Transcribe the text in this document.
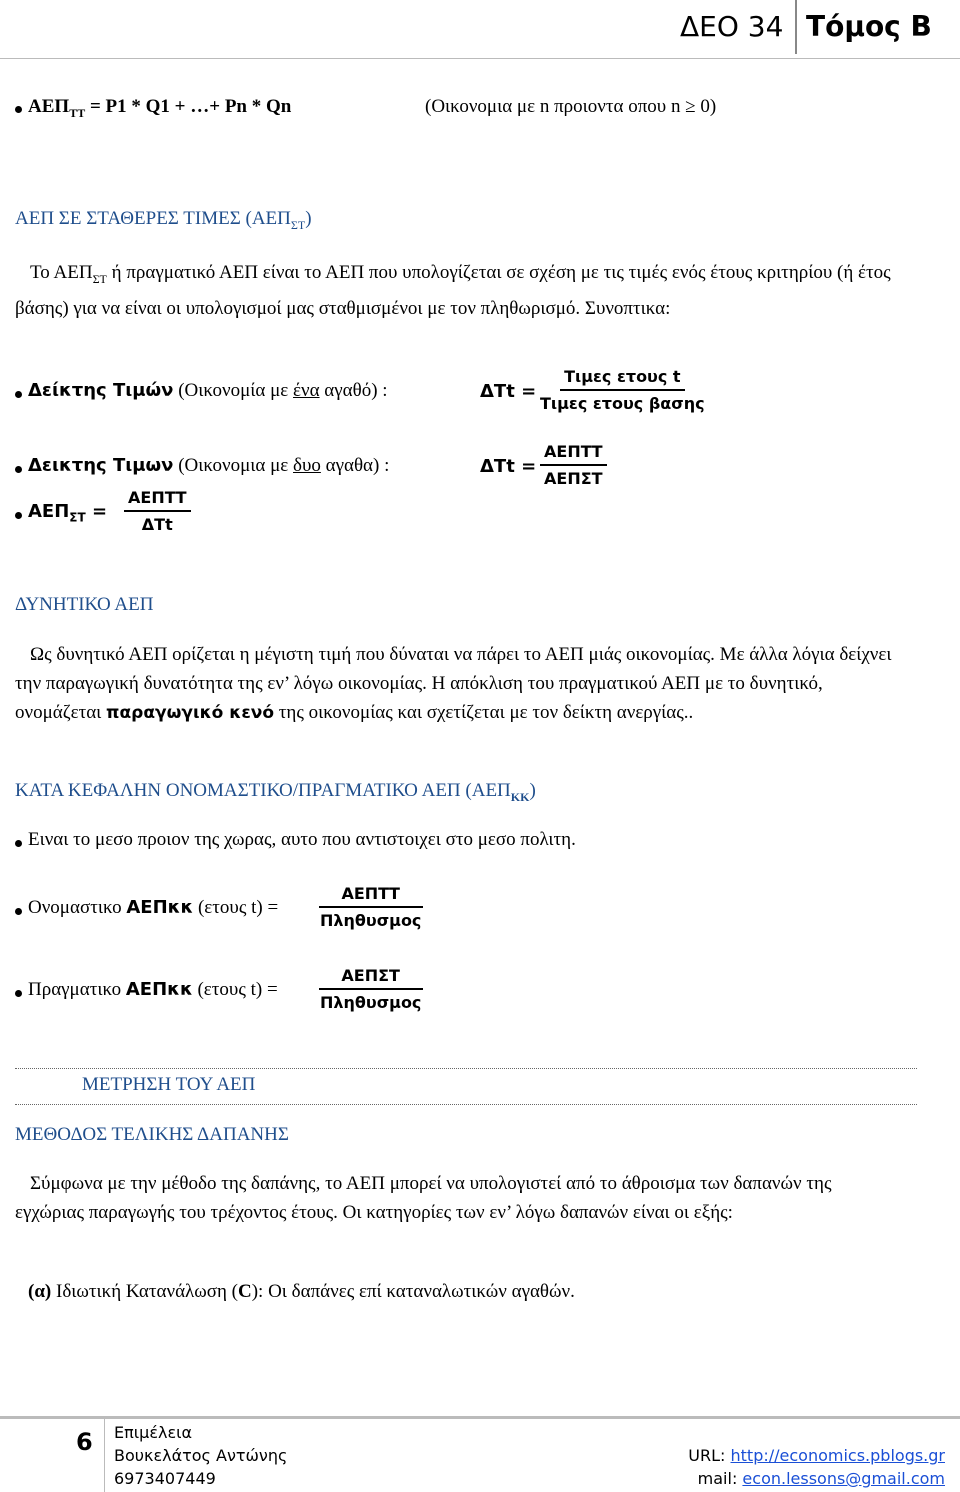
ΔΕΟ 34 Τόμος Β
$AE\Pi_{TT} = P1 * Q1$ + …+ Pn * Qn	(Οικονομια με n προιοντα οπου n ≥ 0)
ΑΕΠ ΣΕ ΣΤΑΘΕΡΕΣ ΤΙΜΕΣ $(AE\Pi_{\Sigma T})$
Το $AE\Pi_{\Sigma T}$ ή πραγματικό ΑΕΠ είναι το ΑΕΠ που υπολογίζεται σε σχέση με τις τιμές ενός έτους κριτηρίου (ή έτος βάσης) για να είναι οι υπολογισμοί μας σταθμισμένοι με τον πληθωρισμό. Συνοπτικα:
Δείκτης Τιμών (Οικονομία με ένα αγαθό) :	ΔTt =
Τιμες ετους t
Τιμες ετους βασης
Δεικτης Τιμων (Οικονομια με δυο αγαθα) :	ΔTt =
ΑΕΠΤΤ
ΑΕΠΣΤ
$AE\Pi_{\Sigma T}$ =
ΑΕΠΤΤ
ΔTt
ΔΥΝΗΤΙΚΟ ΑΕΠ
Ως δυνητικό ΑΕΠ ορίζεται η μέγιστη τιμή που δύναται να πάρει το ΑΕΠ μιάς οικονομίας. Με άλλα λόγια δείχνει την παραγωγική δυνατότητα της εν’ λόγω οικονομίας. Η απόκλιση του πραγματικού ΑΕΠ με το δυνητικό, ονομάζεται παραγωγικό κενό της οικονομίας και σχετίζεται με τον δείκτη ανεργίας..
ΚΑΤΑ ΚΕΦΑΛΗΝ ΟΝΟΜΑΣΤΙΚΟ/ΠΡΑΓΜΑΤΙΚΟ ΑΕΠ $(AE\Pi_{KK})$
Ειναι το μεσο προιον της χωρας, αυτο που αντιστοιχει στο μεσο πολιτη.
Ονομαστικο ΑΕΠκκ (ετους t) =
ΑΕΠΤΤ
Πληθυσμος
Πραγματικο ΑΕΠκκ (ετους t) =
ΑΕΠΣΤ
Πληθυσμος
ΜΕΤΡΗΣΗ ΤΟΥ ΑΕΠ
ΜΕΘΟΔΟΣ ΤΕΛΙΚΗΣ ΔΑΠΑΝΗΣ
Σύμφωνα με την μέθοδο της δαπάνης, το ΑΕΠ μπορεί να υπολογιστεί από το άθροισμα των δαπανών της εγχώριας παραγωγής του τρέχοντος έτους. Οι κατηγορίες των εν’ λόγω δαπανών είναι οι εξής:
(α) Ιδιωτική Κατανάλωση (C): Οι δαπάνες επί καταναλωτικών αγαθών.
6 Επιμέλεια
Βουκελάτος Αντώνης
6973407449
URL: http://economics.pblogs.gr
mail: econ.lessons@gmail.com
